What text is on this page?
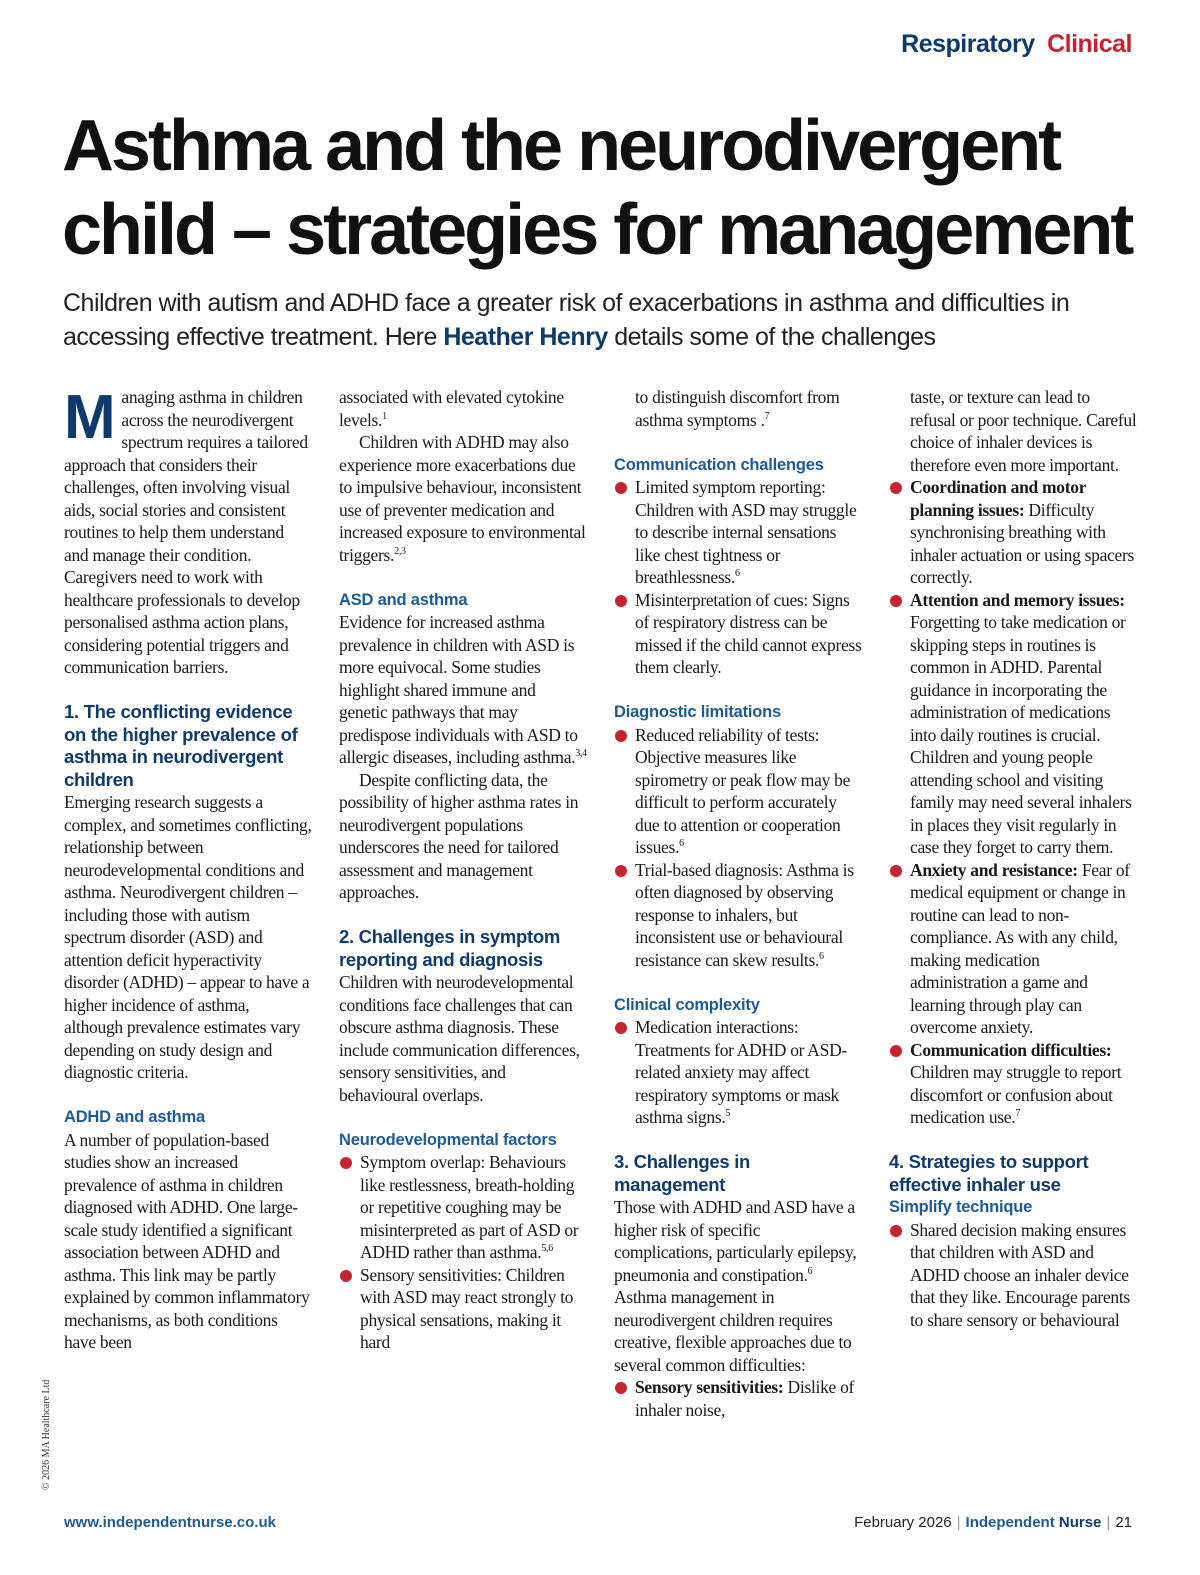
Respiratory Clinical
Asthma and the neurodivergent
child – strategies for management

Children with autism and ADHD face a greater risk of exacerbations in asthma and difficulties in accessing effective treatment. Here Heather Henry details some of the challenges

Managing asthma in children across the neurodivergent spectrum requires a tailored approach that considers their challenges, often involving visual aids, social stories and consistent routines to help them understand and manage their condition. Caregivers need to work with healthcare professionals to develop personalised asthma action plans, considering potential triggers and communication barriers.

1. The conflicting evidence on the higher prevalence of asthma in neurodivergent children

Emerging research suggests a complex, and sometimes conflicting, relationship between neurodevelopmental conditions and asthma. Neurodivergent children – including those with autism spectrum disorder (ASD) and attention deficit hyperactivity disorder (ADHD) – appear to have a higher incidence of asthma, although prevalence estimates vary depending on study design and diagnostic criteria.

ADHD and asthma

A number of population-based studies show an increased prevalence of asthma in children diagnosed with ADHD. One large-scale study identified a significant association between ADHD and asthma. This link may be partly explained by common inflammatory mechanisms, as both conditions have been

associated with elevated cytokine levels.$^1$

Children with ADHD may also experience more exacerbations due to impulsive behaviour, inconsistent use of preventer medication and increased exposure to environmental triggers.$^{2,3}$

ASD and asthma

Evidence for increased asthma prevalence in children with ASD is more equivocal. Some studies highlight shared immune and genetic pathways that may predispose individuals with ASD to allergic diseases, including asthma.$^{3,4}$

Despite conflicting data, the possibility of higher asthma rates in neurodivergent populations underscores the need for tailored assessment and management approaches.

2. Challenges in symptom reporting and diagnosis

Children with neurodevelopmental conditions face challenges that can obscure asthma diagnosis. These include communication differences, sensory sensitivities, and behavioural overlaps.

Neurodevelopmental factors
Symptom overlap: Behaviours like restlessness, breath-holding or repetitive coughing may be misinterpreted as part of ASD or ADHD rather than asthma.$^{5,6}$
Sensory sensitivities: Children with ASD may react strongly to physical sensations, making it hard

to distinguish discomfort from asthma symptoms .$^7$

Communication challenges
Limited symptom reporting: Children with ASD may struggle to describe internal sensations like chest tightness or breathlessness.$^6$
Misinterpretation of cues: Signs of respiratory distress can be missed if the child cannot express them clearly.
Diagnostic limitations
Reduced reliability of tests: Objective measures like spirometry or peak flow may be difficult to perform accurately due to attention or cooperation issues.$^6$
Trial-based diagnosis: Asthma is often diagnosed by observing response to inhalers, but inconsistent use or behavioural resistance can skew results.$^6$
Clinical complexity
Medication interactions: Treatments for ADHD or ASD-related anxiety may affect respiratory symptoms or mask asthma signs.$^5$
3. Challenges in management

Those with ADHD and ASD have a higher risk of specific complications, particularly epilepsy, pneumonia and constipation.$^6$ Asthma management in neurodivergent children requires creative, flexible approaches due to several common difficulties:

Sensory sensitivities: Dislike of inhaler noise,

taste, or texture can lead to refusal or poor technique. Careful choice of inhaler devices is therefore even more important.

Coordination and motor planning issues: Difficulty synchronising breathing with inhaler actuation or using spacers correctly.
Attention and memory issues: Forgetting to take medication or skipping steps in routines is common in ADHD. Parental guidance in incorporating the administration of medications into daily routines is crucial. Children and young people attending school and visiting family may need several inhalers in places they visit regularly in case they forget to carry them.
Anxiety and resistance: Fear of medical equipment or change in routine can lead to non-compliance. As with any child, making medication administration a game and learning through play can overcome anxiety.
Communication difficulties: Children may struggle to report discomfort or confusion about medication use.$^7$
4. Strategies to support effective inhaler use
Simplify technique
Shared decision making ensures that children with ASD and ADHD choose an inhaler device that they like. Encourage parents to share sensory or behavioural
© 2026 MA Healthcare Ltd
www.independentnurse.co.uk	February 2026 | Independent Nurse | 21
